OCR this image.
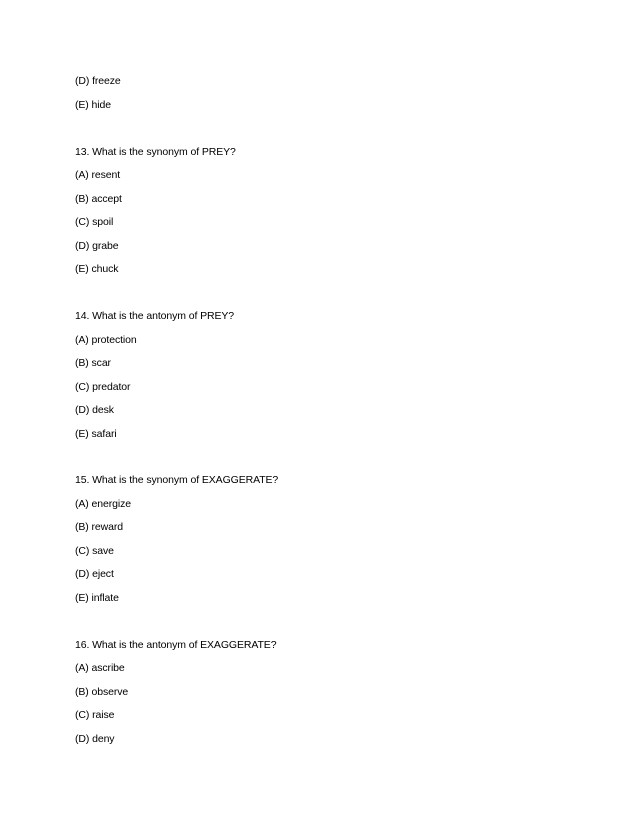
(D) freeze
(E) hide
13. What is the synonym of PREY?
(A) resent
(B) accept
(C) spoil
(D) grabe
(E) chuck
14. What is the antonym of PREY?
(A) protection
(B) scar
(C) predator
(D) desk
(E) safari
15. What is the synonym of EXAGGERATE?
(A) energize
(B) reward
(C) save
(D) eject
(E) inflate
16. What is the antonym of EXAGGERATE?
(A) ascribe
(B) observe
(C) raise
(D) deny
